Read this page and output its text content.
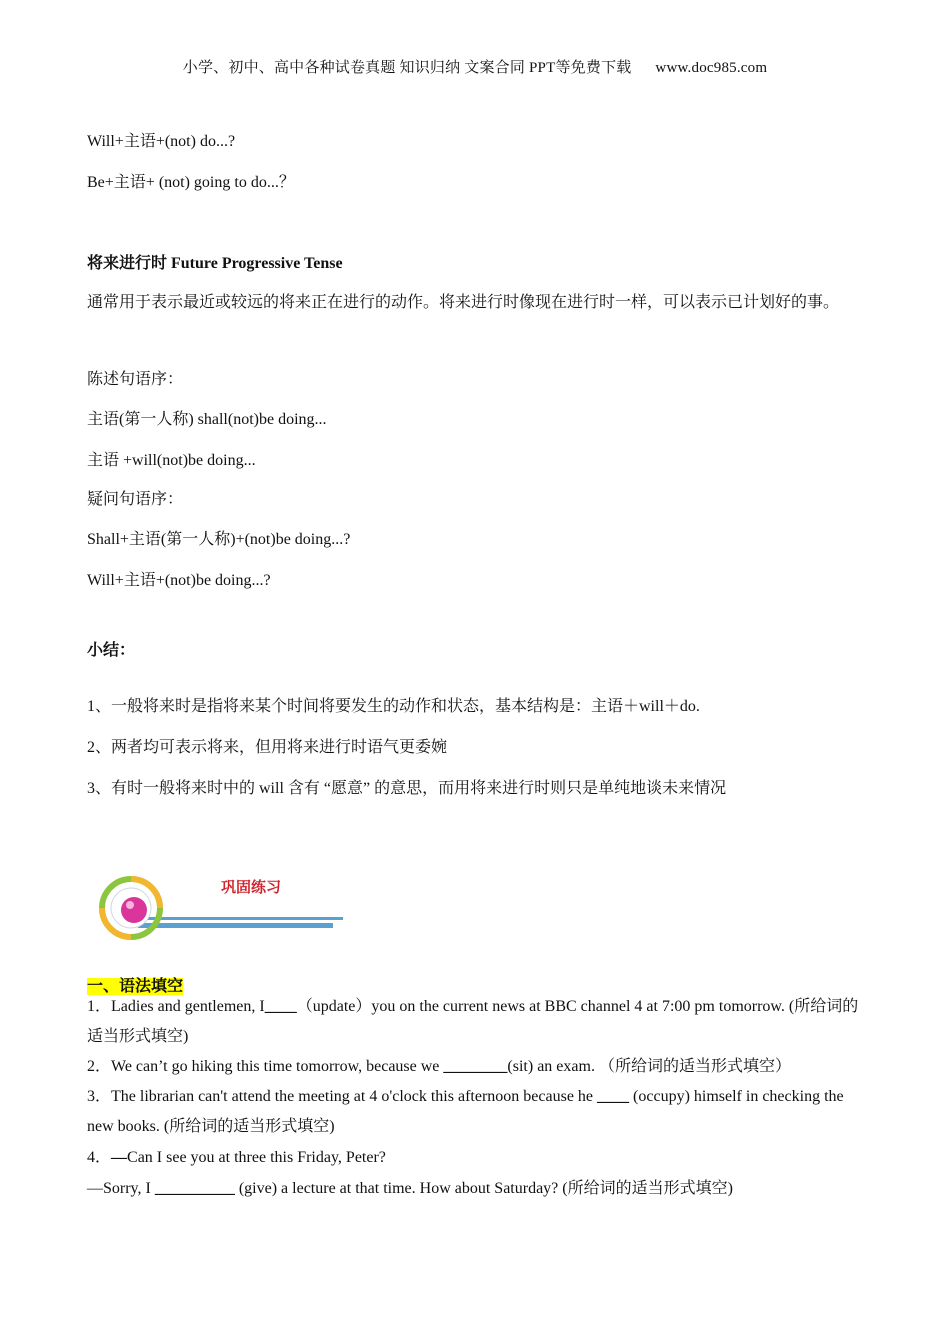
小学、初中、高中各种试卷真题 知识归纳 文案合同 PPT等免费下载 www.doc985.com
Will+主语+(not) do...?
Be+主语+ (not) going to do...？
将来进行时 Future Progressive Tense
通常用于表示最近或较远的将来正在进行的动作。将来进行时像现在进行时一样，可以表示已计划好的事。
陈述句语序：
主语(第一人称) shall(not)be doing...
主语 +will(not)be doing...
疑问句语序：
Shall+主语(第一人称)+(not)be doing...?
Will+主语+(not)be doing...?
小结：
1、一般将来时是指将来某个时间将要发生的动作和状态，基本结构是：主语＋will＋do.
2、两者均可表示将来，但用将来进行时语气更委婉
3、有时一般将来时中的 will 含有 “愿意” 的意思，而用将来进行时则只是单纯地谈未来情况
巩固练习
一、语法填空
1．Ladies and gentlemen, I____（update）you on the current news at BBC channel 4 at 7:00 pm tomorrow. (所给词的适当形式填空)
2．We can’t go hiking this time tomorrow, because we ________(sit) an exam. （所给词的适当形式填空）
3．The librarian can't attend the meeting at 4 o'clock this afternoon because he ____ (occupy) himself in checking the new books. (所给词的适当形式填空)
4．—Can I see you at three this Friday, Peter?
—Sorry, I __________ (give) a lecture at that time. How about Saturday? (所给词的适当形式填空)
